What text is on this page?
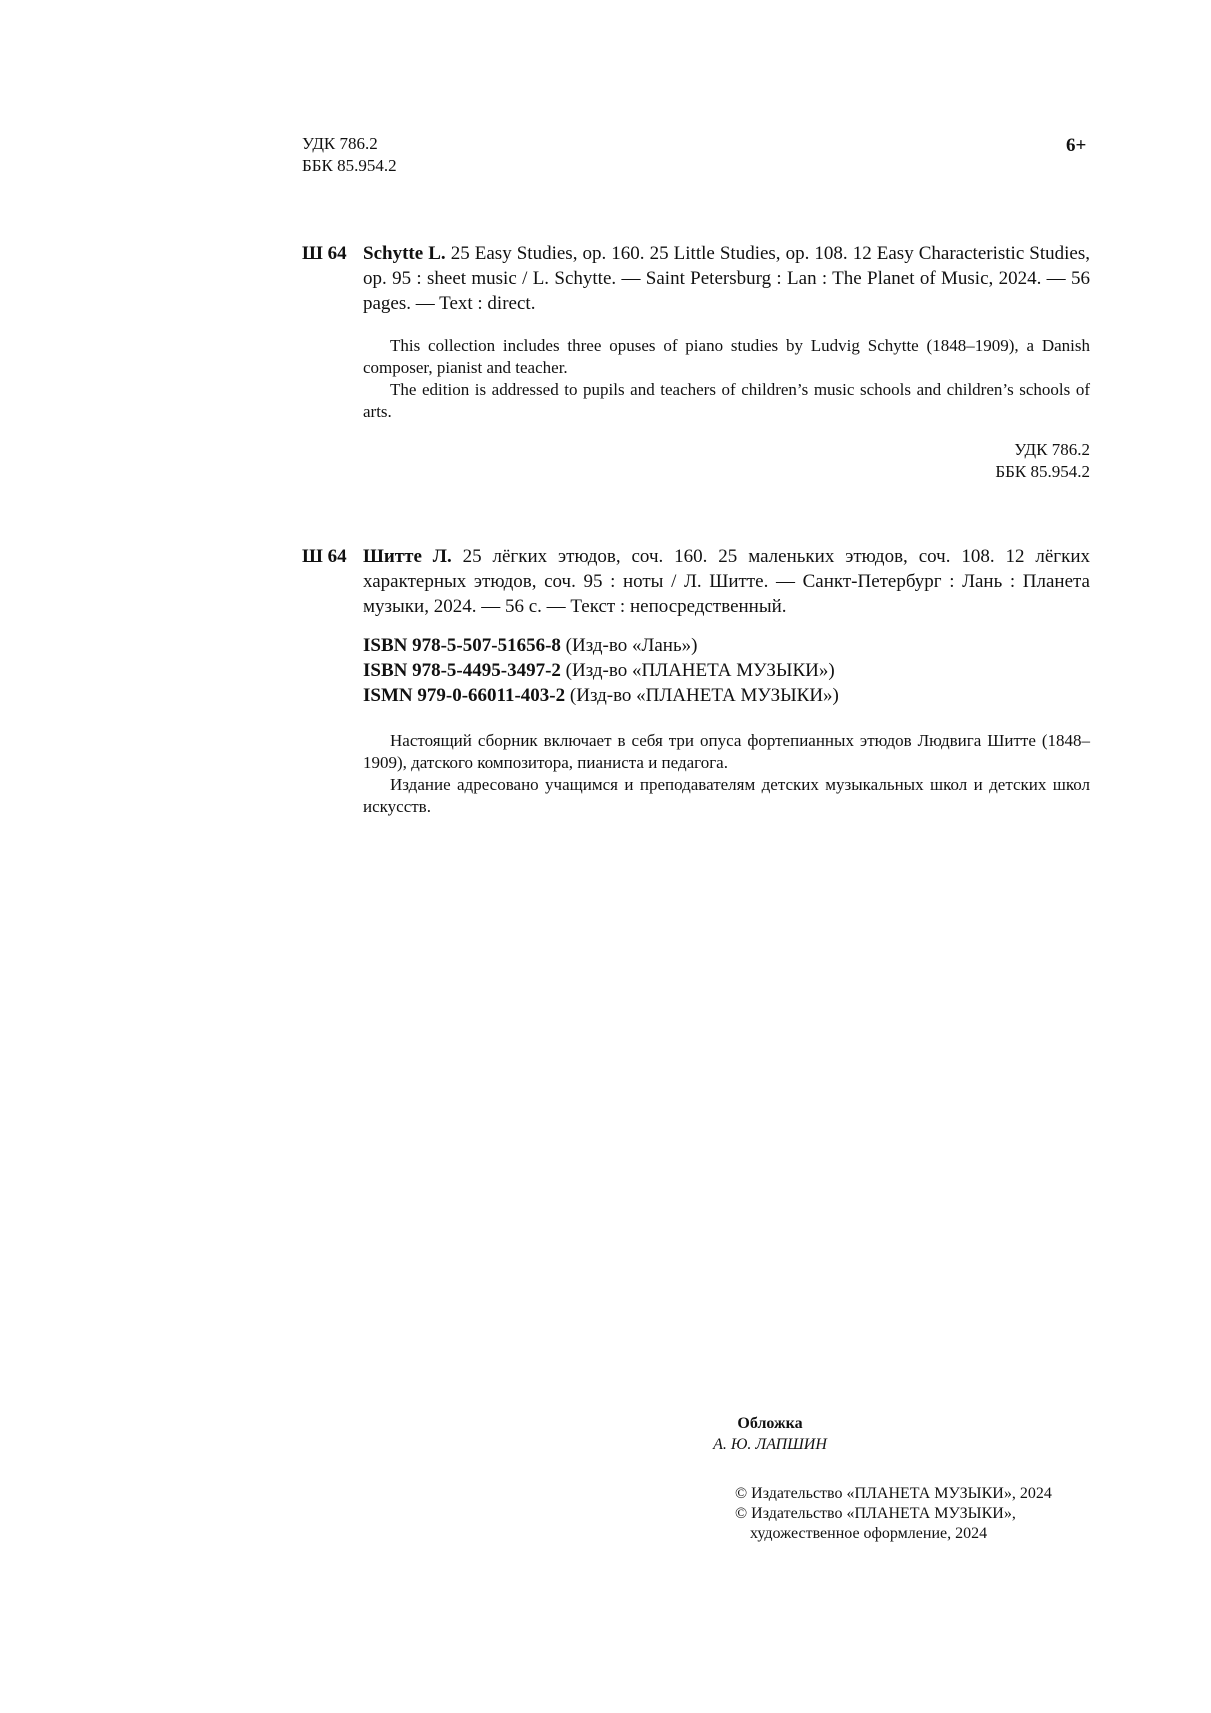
УДК 786.2
ББК 85.954.2
6+
Ш 64 Schytte L. 25 Easy Studies, op. 160. 25 Little Studies, op. 108. 12 Easy Characteristic Studies, op. 95 : sheet music / L. Schytte. — Saint Petersburg : Lan : The Planet of Music, 2024. — 56 pages. — Text : direct.

This collection includes three opuses of piano studies by Ludvig Schytte (1848–1909), a Danish composer, pianist and teacher.

The edition is addressed to pupils and teachers of children’s music schools and children’s schools of arts.

УДК 786.2
ББК 85.954.2
Ш 64 Шитте Л. 25 лёгких этюдов, соч. 160. 25 маленьких этюдов, соч. 108. 12 лёгких характерных этюдов, соч. 95 : ноты / Л. Шитте. — Санкт-Петербург : Лань : Планета музыки, 2024. — 56 с. — Текст : непосредственный.
ISBN 978-5-507-51656-8 (Изд-во «Лань»)
ISBN 978-5-4495-3497-2 (Изд-во «ПЛАНЕТА МУЗЫКИ»)
ISMN 979-0-66011-403-2 (Изд-во «ПЛАНЕТА МУЗЫКИ»)

Настоящий сборник включает в себя три опуса фортепианных этюдов Людвига Шитте (1848–1909), датского композитора, пианиста и педагога.

Издание адресовано учащимся и преподавателям детских музыкальных школ и детских школ искусств.

Обложка
А. Ю. ЛАПШИН
© Издательство «ПЛАНЕТА МУЗЫКИ», 2024
© Издательство «ПЛАНЕТА МУЗЫКИ»,
художественное оформление, 2024
